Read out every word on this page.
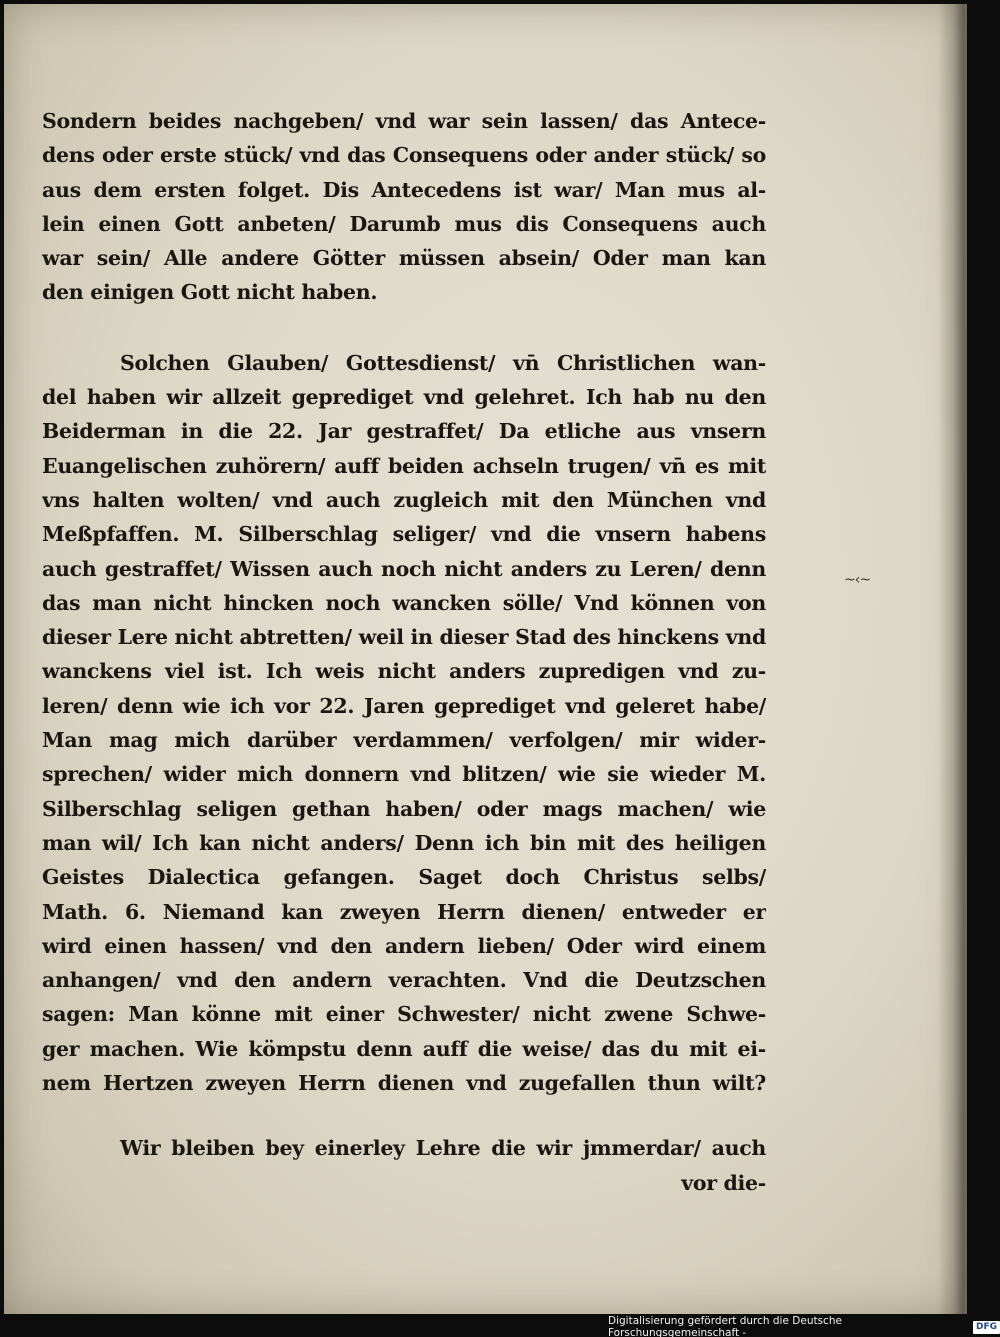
Sondern beides nachgeben/ vnd war sein lassen/ das Antece-
dens oder erste stück/ vnd das Consequens oder ander stück/ so
aus dem ersten folget. Dis Antecedens ist war/ Man mus al-
lein einen Gott anbeten/ Darumb mus dis Consequens auch
war sein/ Alle andere Götter müssen absein/ Oder man kan
den einigen Gott nicht haben.

Solchen Glauben/ Gottesdienst/ vn̄ Christlichen wan-
del haben wir allzeit geprediget vnd gelehret. Ich hab nu den
Beiderman in die 22. Jar gestraffet/ Da etliche aus vnsern
Euangelischen zuhörern/ auff beiden achseln trugen/ vn̄ es mit
vns halten wolten/ vnd auch zugleich mit den München vnd
Meßpfaffen. M. Silberschlag seliger/ vnd die vnsern habens
auch gestraffet/ Wissen auch noch nicht anders zu Leren/ denn
das man nicht hincken noch wancken sölle/ Vnd können von
dieser Lere nicht abtretten/ weil in dieser Stad des hinckens vnd
wanckens viel ist. Ich weis nicht anders zupredigen vnd zu-
leren/ denn wie ich vor 22. Jaren geprediget vnd geleret habe/
Man mag mich darüber verdammen/ verfolgen/ mir wider-
sprechen/ wider mich donnern vnd blitzen/ wie sie wieder M.
Silberschlag seligen gethan haben/ oder mags machen/ wie
man wil/ Ich kan nicht anders/ Denn ich bin mit des heiligen
Geistes Dialectica gefangen. Saget doch Christus selbs/
Math. 6. Niemand kan zweyen Herrn dienen/ entweder er
wird einen hassen/ vnd den andern lieben/ Oder wird einem
anhangen/ vnd den andern verachten. Vnd die Deutzschen
sagen: Man könne mit einer Schwester/ nicht zwene Schwe-
ger machen. Wie kömpstu denn auff die weise/ das du mit ei-
nem Hertzen zweyen Herrn dienen vnd zugefallen thun wilt?

Wir bleiben bey einerley Lehre die wir jmmerdar/ auch
vor die-

~‹~
Digitalisierung gefördert durch die Deutsche Forschungsgemeinschaft -
DFG
